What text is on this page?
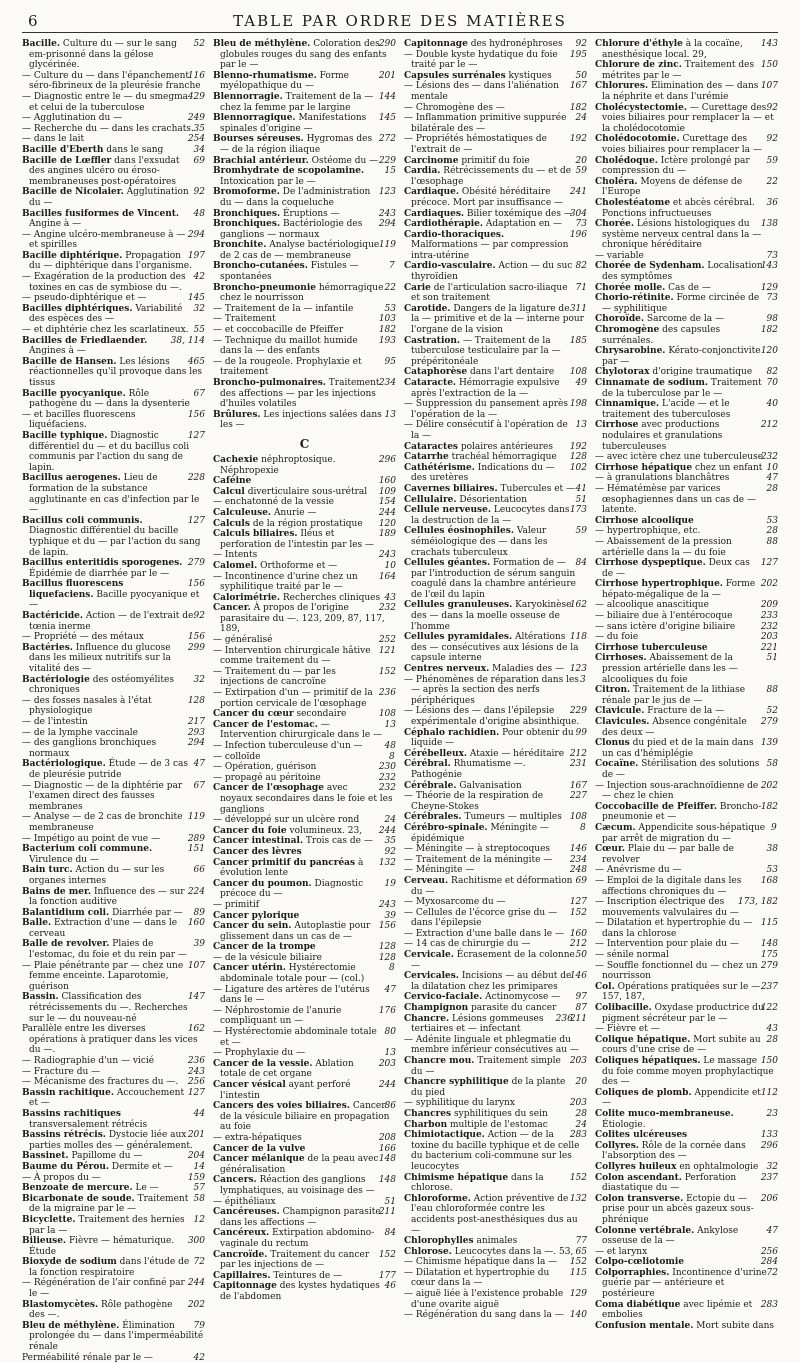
6	TABLE PAR ORDRE DES MATIÈRES

52
Bacille. Culture du — sur le sang em-prisonné dans la gélose glycérinée.

116
— Culture du — dans l'épanchement séro-fibrineux de la pleurésie franche

429
— Diagnostic entre le — du smegma et celui de la tuberculose

249
— Agglutination du —

35
— Recherche du — dans les crachats.

254
— dans le lait

34
Bacille d'Eberth dans le sang

69
Bacille de Lœffler dans l'exsudat des angines ulcéro ou éroso-membraneuses post-opératoires

92
Bacille de Nicolaier. Agglutination du —

48
Bacilles fusiformes de Vincent. Angine à —

294
— Angine ulcéro-membraneuse à — et spirilles

197
Bacille diphtérique. Propagation du — diphtérique dans l'organisme.

42
— Exagération de la production des toxines en cas de symbiose du —.

145
— pseudo-diphtérique et —

32
Bacilles diphtériques. Variabilité des espèces des —

55
— et diphtérie chez les scarlatineux.

38, 114
Bacilles de Friedlaender. Angines à —

465
Bacille de Hansen. Les lésions réactionnelles qu'il provoque dans les tissus

67
Bacille pyocyanique. Rôle pathogène du — dans la dysenterie

156
— et bacilles fluorescens liquéfaciens.

127
Bacille typhique. Diagnostic différentiel du — et du bacillus coli communis par l'action du sang de lapin.

228
Bacillus aerogenes. Lieu de formation de la substance agglutinante en cas d'infection par le —

127
Bacillus coli communis. Diagnostic différentiel du bacille typhique et du — par l'action du sang de lapin.

279
Bacillus enteritidis sporogenes. Épidémie de diarrhée par le —

156
Bacillus fluorescens liquefaciens. Bacille pyocyanique et —

92
Bactéricide. Action — de l'extrait de tœnia inerme

156
— Propriété — des métaux

299
Bactéries. Influence du glucose dans les milieux nutritifs sur la vitalité des —

32
Bactériologie des ostéomyélites chroniques

128
— des fosses nasales à l'état physiologique

217
— de l'intestin

293
— de la lymphe vaccinale

294
— des ganglions bronchiques normaux

47
Bactériologique. Étude — de 3 cas de pleurésie putride

67
— Diagnostic — de la diphtérie par l'examen direct des fausses membranes

119
— Analyse — de 2 cas de bronchite membraneuse

289
— Impétigo au point de vue —

151
Bacterium coli commune. Virulence du —

66
Bain turc. Action du — sur les organes internes

224
Bains de mer. Influence des — sur la fonction auditive

89
Balantidium coli. Diarrhée par —

160
Balle. Extraction d'une — dans le cerveau

39
Balle de revolver. Plaies de l'estomac, du foie et du rein par —

107
— Plaie pénétrante par — chez une femme enceinte. Laparotomie, guérison

147
Bassin. Classification des rétrécissements du —. Recherches sur le — du nouveau-né

162
Parallèle entre les diverses opérations à pratiquer dans les vices du —.

236
— Radiographie d'un — vicié

243
— Fracture du —

256
— Mécanisme des fractures du —.

127
Bassin rachitique. Accouchement et —

44
Bassins rachitiques transversalement rétrécis

201
Bassins rétrécis. Dystocie liée aux parties molles des — généralement.

204
Bassinet. Papillome du —

14
Baume du Pérou. Dermite et —

159
— À propos du —

57
Benzoate de mercure. Le —

58
Bicarbonate de soude. Traitement de la migraine par le —

12
Bicyclette. Traitement des hernies par la —

300
Bilieuse. Fièvre — hématurique. Étude

72
Bioxyde de sodium dans l'étude de la fonction respiratoire

244
— Régénération de l'air confiné par le —

202
Blastomycètes. Rôle pathogène des —.

79
Bleu de méthylène. Élimination prolongée du — dans l'imperméabilité rénale

42
Perméabilité rénale par le —

290
Bleu de méthylène. Coloration des globules rouges du sang des enfants par le —

201
Blenno-rhumatisme. Forme myélopathique du —

144
Blennorragie. Traitement de la — chez la femme par le largine

145
Blennorragique. Manifestations spinales d'origine —

272
Bourses séreuses. Hygromas des — de la région iliaque

229
Brachial antérieur. Ostéome du —

15
Bromhydrate de scopolamine. Intoxication par le —

123
Bromoforme. De l'administration du — dans la coqueluche

243
Bronchiques. Éruptions —

294
Bronchiques. Bactériologie des ganglions — normaux

119
Bronchite. Analyse bactériologique de 2 cas de — membraneuse

7
Broncho-cutanées. Fistules — spontanées

22
Broncho-pneumonie hémorragique chez le nourrisson

53
— Traitement de la — infantile

103
— Traitement

182
— et coccobacille de Pfeiffer

193
— Technique du maillot humide dans la — des enfants

95
— de la rougeole. Prophylaxie et traitement

234
Broncho-pulmonaires. Traitement des affections — par les injections d'huiles volatiles

13
Brûlures. Les injections salées dans les —

C

296
Cachexie néphroptosique. Néphropexie

160
Caféine

109
Calcul diverticulaire sous-urétral

154
— enchatonné de la vessie

244
Calculeuse. Anurie —

120
Calculs de la région prostatique

189
Calculs biliaires. Iléus et perforation de l'intestin par les —

243
— Intents

10
Calomel. Orthoforme et —

164
— Incontinence d'urine chez un syphilitique traité par le —

43
Calorimétrie. Recherches cliniques

232
Cancer. À propos de l'origine parasitaire du —. 123, 209, 87, 117, 189,

252
— généralisé

121
— Intervention chirurgicale hâtive comme traitement du —

152
— Traitement du — par les injections de cancroïne

236
— Extirpation d'un — primitif de la portion cervicale de l'œsophage

108
Cancer du cœur secondaire

13
Cancer de l'estomac. — Intervention chirurgicale dans le —

48
— Infection tuberculeuse d'un —

8
— colloïde

230
— Opération, guérison

232
— propagé au péritoine

232
Cancer de l'œsophage avec noyaux secondaires dans le foie et les ganglions

24
— développé sur un ulcère rond

244
Cancer du foie volumineux. 23,

35
Cancer intestinal. Trois cas de —

92
Cancer des lèvres

132
Cancer primitif du pancréas à évolution lente

19
Cancer du poumon. Diagnostic précoce du —

243
— primitif

39
Cancer pylorique

156
Cancer du sein. Autoplastie pour glissement dans un cas de —

128
Cancer de la trompe

128
— de la vésicule biliaire

8
Cancer utérin. Hystérectomie abdominale totale pour — (col.)

47
— Ligature des artères de l'utérus dans le —

176
— Néphrostomie de l'anurie compliquant un —

80
— Hystérectomie abdominale totale et —

13
— Prophylaxie du —

203
Cancer de la vessie. Ablation totale de cet organe

244
Cancer vésical ayant perforé l'intestin

86
Cancers des voies biliaires. Cancer de la vésicule biliaire en propagation au foie

208
— extra-hépatiques

166
Cancer de la vulve

148
Cancer mélanique de la peau avec généralisation

148
Cancers. Réaction des ganglions lymphatiques, au voisinage des —

51
— épithéliaux

211
Cancéreuses. Champignon parasite dans les affections —

84
Cancéreux. Extirpation abdomino-vaginale du rectum

152
Cancroïde. Traitement du cancer par les injections de —

177
Capillaires. Teintures de —

46
Capitonnage des kystes hydatiques de l'abdomen

92
Capitonnage des hydronéphroses

195
— Double kyste hydatique du foie traité par le —

50
Capsules surrénales kystiques

167
— Lésions des — dans l'aliénation mentale

182
— Chromogène des —

24
— Inflammation primitive suppurée bilatérale des —

192
— Propriétés hémostatiques de l'extrait de —

20
Carcinome primitif du foie

59
Cardia. Rétrécissements du — et de l'œsophage

241
Cardiaque. Obésité héréditaire précoce. Mort par insuffisance —

304
Cardiaques. Bilier toxémique des —

73
Cardiothérapie. Adaptation en —

196
Cardio-thoraciques. Malformations — par compression intra-utérine

82
Cardio-vasculaire. Action — du suc thyroïdien

71
Carie de l'articulation sacro-iliaque et son traitement

311
Carotide. Dangers de la ligature de la — primitive et de la — interne pour l'organe de la vision

185
Castration. — Traitement de la tuberculose testiculaire par la — prépéritonéale

108
Cataphorèse dans l'art dentaire

49
Cataracte. Hémorragie expulsive après l'extraction de la —

198
— Suppression du pansement après l'opération de la —

13
— Délire consécutif à l'opération de la —

192
Cataractes polaires antérieures

128
Catarrhe trachéal hémorragique

102
Cathétérisme. Indications du — des uretères

41
Cavernes biliaires. Tubercules et —

51
Cellulaire. Désorientation

173
Cellule nerveuse. Leucocytes dans la destruction de la —

59
Cellules éosinophiles. Valeur séméiologique des — dans les crachats tuberculeux

84
Cellules géantes. Formation de — par l'introduction de sérum sanguin coagulé dans la chambre antérieure de l'œil du lapin

162
Cellules granuleuses. Karyokinèse des — dans la moelle osseuse de l'homme

118
Cellules pyramidales. Altérations des — consécutives aux lésions de la capsule interne

123
Centres nerveux. Maladies des —

3
— Phénomènes de réparation dans les — après la section des nerfs périphériques

229
— Lésions des — dans l'épilepsie expérimentale d'origine absinthique.

99
Céphalo rachidien. Pour obtenir du liquide —

212
Cérébelleux. Ataxie — héréditaire

231
Cérébral. Rhumatisme —. Pathogénie

167
Cérébrale. Galvanisation

227
— Théorie de la respiration de Cheyne-Stokes

108
Cérébrales. Tumeurs — multiples

8
Cérébro-spinale. Méningite — épidémique

146
— Méningite — à streptocoques

234
— Traitement de la méningite —

248
— Méningite —

69
Cerveau. Rachitisme et déformation du —

127
— Myxosarcome du —

152
— Cellules de l'écorce grise du — dans l'épilepsie

160
— Extraction d'une balle dans le —

212
— 14 cas de chirurgie du —

50
Cervicale. Écrasement de la colonne —

146
Cervicales. Incisions — au début de la dilatation chez les primipares

97
Cervico-faciale. Actinomycose —

87
Champignon parasite du cancer

211

236
Chancre. Lésions gommeuses tertiaires et — infectant

— Adénite linguale et phlegmatie du membre inférieur consécutives au —

203
Chancre mou. Traitement simple du —

20
Chancre syphilitique de la plante du pied

203
— syphilitique du larynx

28
Chancres syphilitiques du sein

24
Charbon multiple de l'estomac

283
Chimiotactique. Action — de la toxine du bacille typhique et de celle du bacterium coli-commune sur les leucocytes

152
Chimisme hépatique dans la chlorose.

132
Chloroforme. Action préventive de l'eau chloroformée contre les accidents post-anesthésiques dus au —

77
Chlorophylles animales

65
Chlorose. Leucocytes dans la —. 53,

152
— Chimisme hépatique dans la —

115
— Dilatation et hypertrophie du cœur dans la —

129
— aiguë liée à l'existence probable d'une ovarite aiguë

140
— Régénération du sang dans la —

143
Chlorure d'éthyle à la cocaïne, anesthésique local. 29,

150
Chlorure de zinc. Traitement des métrites par le —

107
Chlorures. Élimination des — dans la néphrite et dans l'urémie

92
Cholécystectomie. — Curettage des voies biliaires pour remplacer la — et la cholédocotomie

92
Cholédocotomie. Curettage des voies biliaires pour remplacer la —

59
Cholédoque. Ictère prolongé par compression du —

22
Choléra. Moyens de défense de l'Europe

36
Cholestéatome et abcès cérébral. Ponctions infructueuses

138
Chorée. Lésions histologiques du système nerveux central dans la — chronique héréditaire

73
— variable

143
Chorée de Sydenham. Localisation des symptômes

129
Chorée molle. Cas de —

73
Chorio-rétinite. Forme circinée de — syphilitique

98
Choroïde. Sarcome de la —

182
Chromogène des capsules surrénales.

120
Chrysarobine. Kérato-conjonctivite par —

82
Chylotorax d'origine traumatique

70
Cinnamate de sodium. Traitement de la tuberculose par le —

40
Cinnamique. L'acide — et le traitement des tuberculoses

212
Cirrhose avec productions nodulaires et granulations tuberculeuses

232
— avec ictère chez une tuberculeuse

10
Cirrhose hépatique chez un enfant

47
— à granulations blanchâtres

28
— Hématémèse par varices œsophagiennes dans un cas de — latente.

53
Cirrhose alcoolique

28
— hypertrophique, etc.

88
— Abaissement de la pression artérielle dans la — du foie

127
Cirrhose dyspeptique. Deux cas de —

202
Cirrhose hypertrophique. Forme hépato-mégalique de la —

209
— alcoolique anascitique

233
— biliaire due à l'entérocoque

232
— sans ictère d'origine biliaire

203
— du foie

221
Cirrhose tuberculeuse

51
Cirrhoses. Abaissement de la pression artérielle dans les — alcooliques du foie

88
Citron. Traitement de la lithiase rénale par le jus de —

52
Clavicule. Fracture de la —

279
Clavicules. Absence congénitale des deux —

139
Clonus du pied et de la main dans un cas d'hémiplégie

58
Cocaïne. Stérilisation des solutions de —

202
— Injection sous-arachnoïdienne de — chez le chien

182
Coccobacille de Pfeiffer. Broncho-pneumonie et —

9
Cæcum. Appendicite sous-hépatique par arrêt de migration du —

38
Cœur. Plaie du — par balle de revolver

53
— Anévrisme du —

168
— Emploi de la digitale dans les affections chroniques du —

173, 182
— Inscription électrique des mouvements valvulaires du —

115
— Dilatation et hypertrophie du — dans la chlorose

148
— Intervention pour plaie du —

175
— sénile normal

279
— Souffle fonctionnel du — chez un nourrisson

237
Col. Opérations pratiquées sur le — 157, 187,

122
Colibacille. Oxydase productrice du pigment sécréteur par le —

43
— Fièvre et —

28
Colique hépatique. Mort subite au cours d'une crise de —

150
Coliques hépatiques. Le massage du foie comme moyen prophylactique des —

112
Coliques de plomb. Appendicite et —

23
Colite muco-membraneuse. Étiologie.

133
Colites ulcéreuses

296
Collyres. Rôle de la cornée dans l'absorption des —

32
Collyres huileux en ophtalmologie

237
Colon ascendant. Perforation diastatique du —

206
Colon transverse. Ectopie du — prise pour un abcès gazeux sous-phrénique

47
Colonne vertébrale. Ankylose osseuse de la —

256
— et larynx

284
Colpo-cœliotomie

72
Colporraphies. Incontinence d'urine guérie par — antérieure et postérieure

283
Coma diabétique avec lipémie et embolies

Confusion mentale. Mort subite dans
